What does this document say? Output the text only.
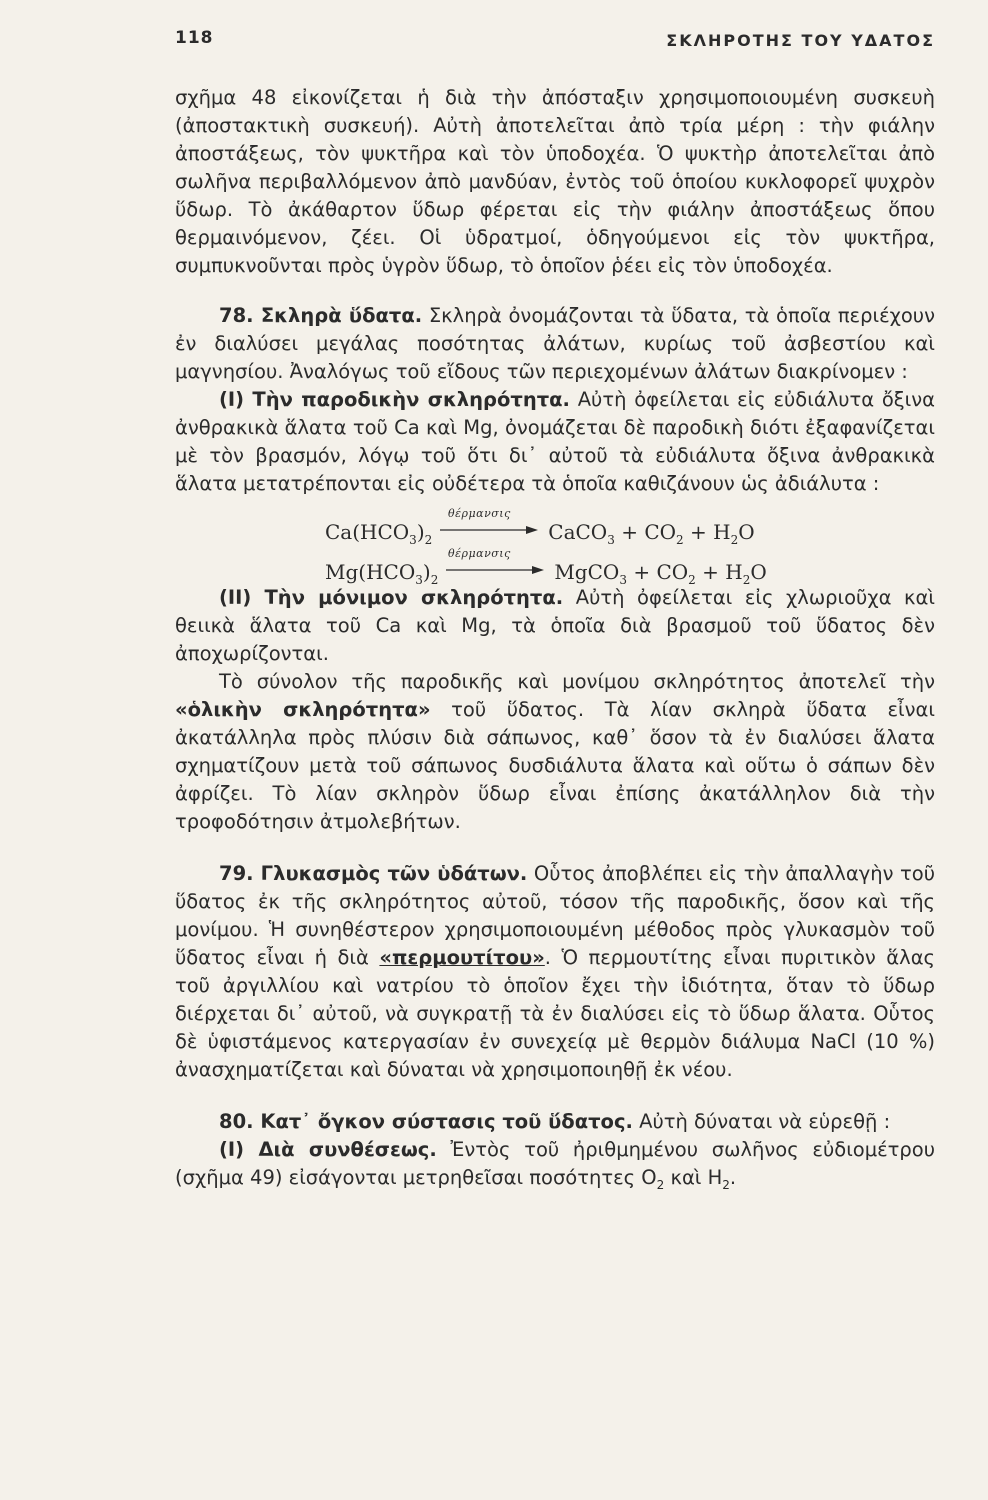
118	ΣΚΛΗΡΟΤΗΣ ΤΟΥ ΥΔΑΤΟΣ

σχῆμα 48 εἰκονίζεται ἡ διὰ τὴν ἀπόσταξιν χρησιμοποιουμένη συσκευὴ (ἀποστακτικὴ συσκευή). Αὐτὴ ἀποτελεῖται ἀπὸ τρία μέρη : τὴν φιάλην ἀποστάξεως, τὸν ψυκτῆρα καὶ τὸν ὑποδοχέα. Ὁ ψυκτὴρ ἀποτελεῖται ἀπὸ σωλῆνα περιβαλλόμενον ἀπὸ μανδύαν, ἐντὸς τοῦ ὁποίου κυκλοφορεῖ ψυχρὸν ὕδωρ. Τὸ ἀκάθαρτον ὕδωρ φέρεται εἰς τὴν φιάλην ἀποστάξεως ὅπου θερμαινόμενον, ζέει. Οἱ ὑδρατμοί, ὁδηγούμενοι εἰς τὸν ψυκτῆρα, συμπυκνοῦνται πρὸς ὑγρὸν ὕδωρ, τὸ ὁποῖον ῥέει εἰς τὸν ὑποδοχέα.

78. Σκληρὰ ὕδατα. Σκληρὰ ὀνομάζονται τὰ ὕδατα, τὰ ὁποῖα περιέχουν ἐν διαλύσει μεγάλας ποσότητας ἀλάτων, κυρίως τοῦ ἀσβεστίου καὶ μαγνησίου. Ἀναλόγως τοῦ εἴδους τῶν περιεχομένων ἀλάτων διακρίνομεν :

(Ι) Τὴν παροδικὴν σκληρότητα. Αὐτὴ ὀφείλεται εἰς εὐδιάλυτα ὄξινα ἀνθρακικὰ ἅλατα τοῦ Ca καὶ Mg, ὀνομάζεται δὲ παροδικὴ διότι ἐξαφανίζεται μὲ τὸν βρασμόν, λόγῳ τοῦ ὅτι δι᾽ αὐτοῦ τὰ εὐδιάλυτα ὄξινα ἀνθρακικὰ ἅλατα μετατρέπονται εἰς οὐδέτερα τὰ ὁποῖα καθιζάνουν ὡς ἀδιάλυτα :

θέρμανσις
$Ca(HCO_3)_2$	CaCO$_3$ + $CO_2 + H_2O$
θέρμανσις
$Mg(HCO_3)_2$	MgCO$_3$ + $CO_2 + H_2O$

(ΙΙ) Τὴν μόνιμον σκληρότητα. Αὐτὴ ὀφείλεται εἰς χλωριοῦχα καὶ θειικὰ ἅλατα τοῦ Ca καὶ Mg, τὰ ὁποῖα διὰ βρασμοῦ τοῦ ὕδατος δὲν ἀποχωρίζονται.

Τὸ σύνολον τῆς παροδικῆς καὶ μονίμου σκληρότητος ἀποτελεῖ τὴν «ὁλικὴν σκληρότητα» τοῦ ὕδατος. Τὰ λίαν σκληρὰ ὕδατα εἶναι ἀκατάλληλα πρὸς πλύσιν διὰ σάπωνος, καθ᾽ ὅσον τὰ ἐν διαλύσει ἅλατα σχηματίζουν μετὰ τοῦ σάπωνος δυσδιάλυτα ἅλατα καὶ οὕτω ὁ σάπων δὲν ἀφρίζει. Τὸ λίαν σκληρὸν ὕδωρ εἶναι ἐπίσης ἀκατάλληλον διὰ τὴν τροφοδότησιν ἀτμολεβήτων.

79. Γλυκασμὸς τῶν ὑδάτων. Οὗτος ἀποβλέπει εἰς τὴν ἀπαλλαγὴν τοῦ ὕδατος ἐκ τῆς σκληρότητος αὐτοῦ, τόσον τῆς παροδικῆς, ὅσον καὶ τῆς μονίμου. Ἡ συνηθέστερον χρησιμοποιουμένη μέθοδος πρὸς γλυκασμὸν τοῦ ὕδατος εἶναι ἡ διὰ «περμουτίτου». Ὁ περμουτίτης εἶναι πυριτικὸν ἅλας τοῦ ἀργιλλίου καὶ νατρίου τὸ ὁποῖον ἔχει τὴν ἰδιότητα, ὅταν τὸ ὕδωρ διέρχεται δι᾽ αὐτοῦ, νὰ συγκρατῇ τὰ ἐν διαλύσει εἰς τὸ ὕδωρ ἅλατα. Οὗτος δὲ ὑφιστάμενος κατεργασίαν ἐν συνεχείᾳ μὲ θερμὸν διάλυμα NaCl (10 %) ἀνασχηματίζεται καὶ δύναται νὰ χρησιμοποιηθῇ ἐκ νέου.

80. Κατ᾽ ὄγκον σύστασις τοῦ ὕδατος. Αὐτὴ δύναται νὰ εὑρεθῇ :

(Ι) Διὰ συνθέσεως. Ἐντὸς τοῦ ἠριθμημένου σωλῆνος εὐδιομέτρου (σχῆμα 49) εἰσάγονται μετρηθεῖσαι ποσότητες $O_2$ καὶ $H_2$.
